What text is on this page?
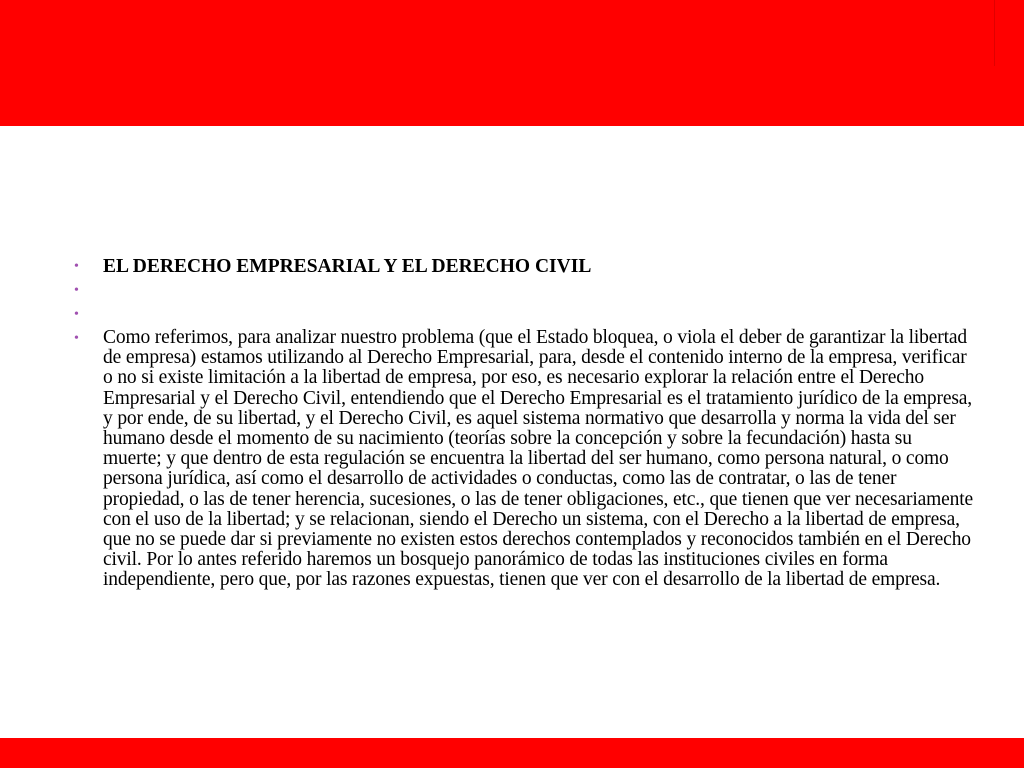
• EL DERECHO EMPRESARIAL Y EL DERECHO CIVIL
•
•
• Como referimos, para analizar nuestro problema (que el Estado bloquea, o viola el deber de garantizar la libertad de empresa) estamos utilizando al Derecho Empresarial, para, desde el contenido interno de la empresa, verificar o no si existe limitación a la libertad de empresa, por eso, es necesario explorar la relación entre el Derecho Empresarial y el Derecho Civil, entendiendo que el Derecho Empresarial es el tratamiento jurídico de la empresa, y por ende, de su libertad, y el Derecho Civil, es aquel sistema normativo que desarrolla y norma la vida del ser humano desde el momento de su nacimiento (teorías sobre la concepción y sobre la fecundación) hasta su muerte; y que dentro de esta regulación se encuentra la libertad del ser humano, como persona natural, o como persona jurídica, así como el desarrollo de actividades o conductas, como las de contratar, o las de tener propiedad, o las de tener herencia, sucesiones, o las de tener obligaciones, etc., que tienen que ver necesariamente con el uso de la libertad; y se relacionan, siendo el Derecho un sistema, con el Derecho a la libertad de empresa, que no se puede dar si previamente no existen estos derechos contemplados y reconocidos también en el Derecho civil. Por lo antes referido haremos un bosquejo panorámico de todas las instituciones civiles en forma independiente, pero que, por las razones expuestas, tienen que ver con el desarrollo de la libertad de empresa.
